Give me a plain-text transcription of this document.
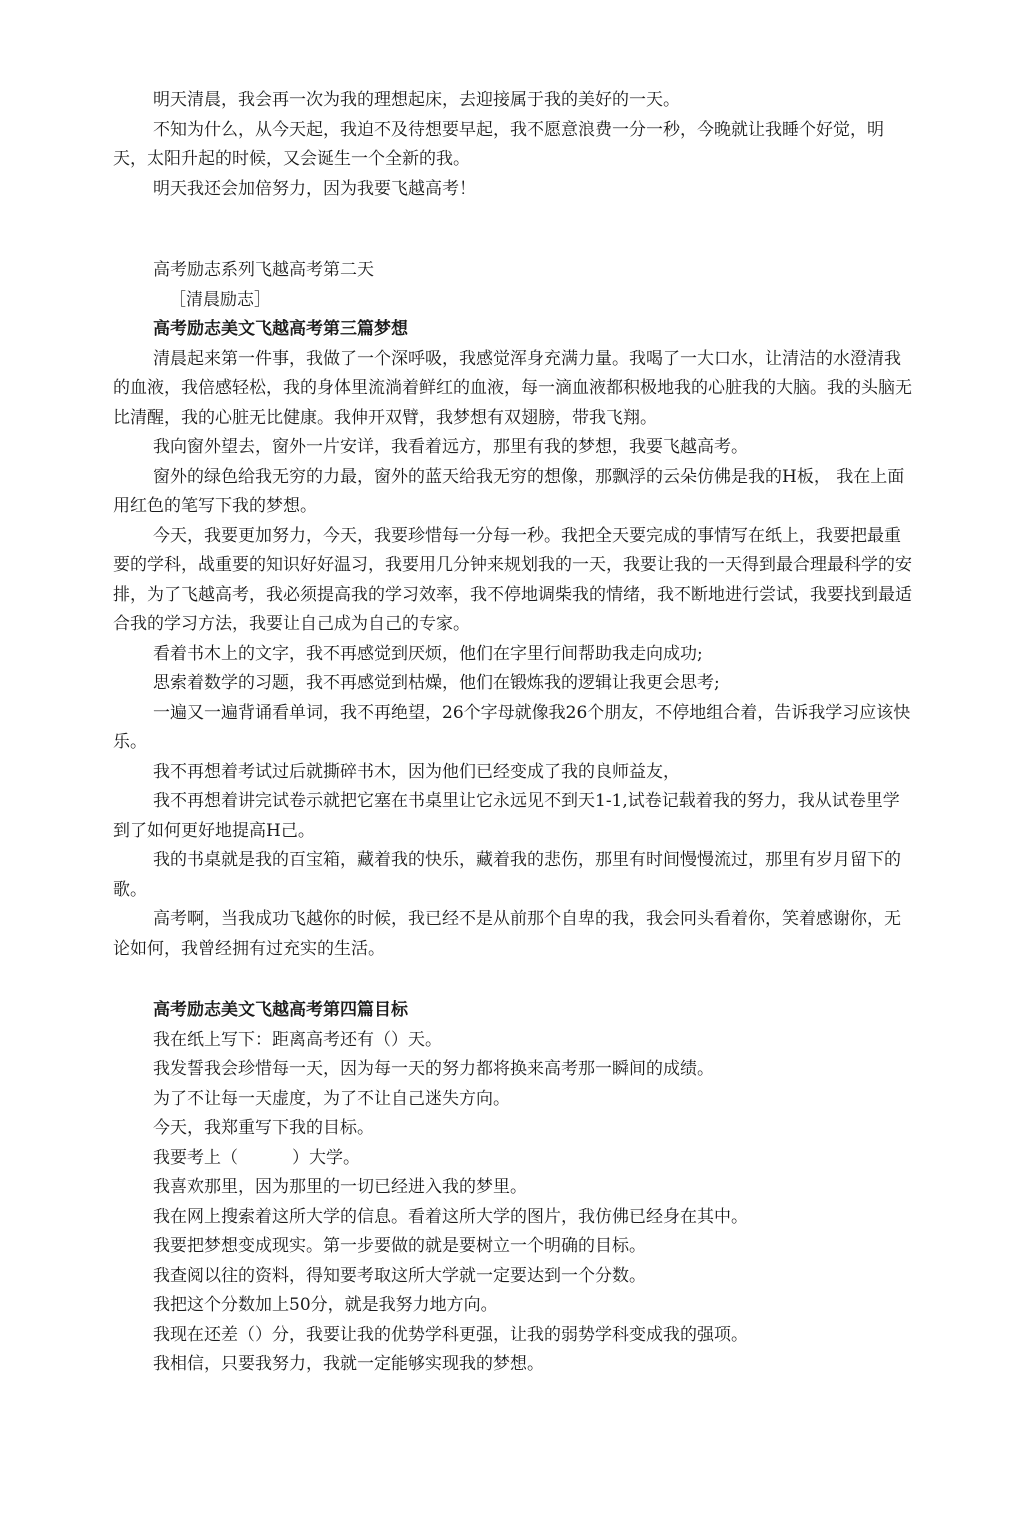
明天清晨，我会再一次为我的理想起床，去迎接属于我的美好的一天。

不知为什么，从今天起，我迫不及待想要早起，我不愿意浪费一分一秒，今晚就让我睡个好觉，明天，太阳升起的时候，又会诞生一个全新的我。

明天我还会加倍努力，因为我要飞越高考！

高考励志系列飞越高考第二天

［清晨励志］

高考励志美文飞越高考第三篇梦想

清晨起来第一件事，我做了一个深呼吸，我感觉浑身充满力量。我喝了一大口水，让清洁的水澄清我的血液，我倍感轻松，我的身体里流淌着鲜红的血液，每一滴血液都积极地我的心脏我的大脑。我的头脑无比清醒，我的心脏无比健康。我伸开双臂，我梦想有双翅膀，带我飞翔。

我向窗外望去，窗外一片安详，我看着远方，那里有我的梦想，我要飞越高考。

窗外的绿色给我无穷的力最，窗外的蓝天给我无穷的想像，那飘浮的云朵仿佛是我的H板， 我在上面用红色的笔写下我的梦想。

今天，我要更加努力，今天，我要珍惜每一分每一秒。我把全天要完成的事情写在纸上，我要把最重要的学科，战重要的知识好好温习，我要用几分钟来规划我的一天，我要让我的一天得到最合理最科学的安排，为了飞越高考，我必须提高我的学习效率，我不停地调柴我的情绪，我不断地进行尝试，我要找到最适合我的学习方法，我要让自己成为自己的专家。

看着书木上的文字，我不再感觉到厌烦，他们在字里行间帮助我走向成功;

思索着数学的习题，我不再感觉到枯燥，他们在锻炼我的逻辑让我更会思考;

一遍又一遍背诵看单词，我不再绝望，26个字母就像我26个朋友，不停地组合着，告诉我学习应该快乐。

我不再想着考试过后就撕碎书木，因为他们已经变成了我的良师益友，

我不再想着讲完试卷示就把它塞在书桌里让它永远见不到天1-1,试卷记载着我的努力，我从试卷里学到了如何更好地提高H己。

我的书桌就是我的百宝箱，藏着我的快乐，藏着我的悲伤，那里有时间慢慢流过，那里有岁月留下的歌。

高考啊，当我成功飞越你的时候，我已经不是从前那个自卑的我，我会冋头看着你，笑着感谢你，无论如何，我曾经拥有过充实的生活。

高考励志美文飞越高考第四篇目标

我在纸上写下：距离高考还有（）天。

我发誓我会珍惜每一天，因为每一天的努力都将换来高考那一瞬间的成绩。

为了不让每一天虚度，为了不让自己迷失方向。

今天，我郑重写下我的目标。

我要考上（          ）大学。

我喜欢那里，因为那里的一切已经进入我的梦里。

我在网上搜索着这所大学的信息。看着这所大学的图片，我仿佛已经身在其中。

我要把梦想变成现实。第一步要做的就是要树立一个明确的目标。

我查阅以往的资料，得知要考取这所大学就一定要达到一个分数。

我把这个分数加上50分，就是我努力地方向。

我现在还差（）分，我要让我的优势学科更强，让我的弱势学科变成我的强项。

我相信，只要我努力，我就一定能够实现我的梦想。
